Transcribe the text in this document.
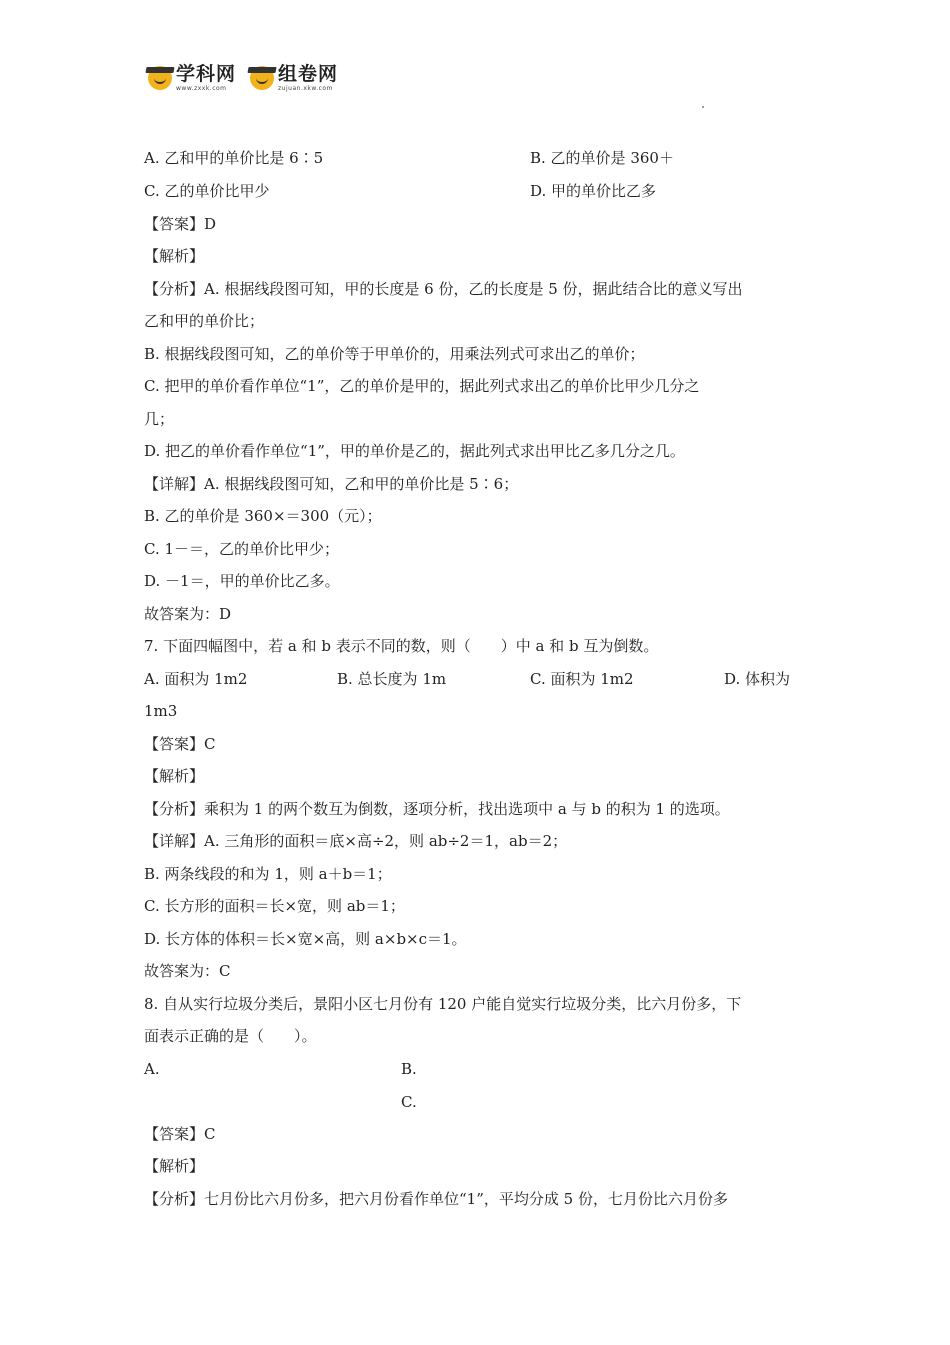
学科网
www.zxxk.com
组卷网
zujuan.xkw.com
A. 乙和甲的单价比是 6∶5	B. 乙的单价是 360＋
C. 乙的单价比甲少	D. 甲的单价比乙多
【答案】D
【解析】
【分析】A. 根据线段图可知，甲的长度是 6 份，乙的长度是 5 份，据此结合比的意义写出
乙和甲的单价比；
B. 根据线段图可知，乙的单价等于甲单价的，用乘法列式可求出乙的单价；
C. 把甲的单价看作单位“1”，乙的单价是甲的，据此列式求出乙的单价比甲少几分之
几；
D. 把乙的单价看作单位“1”，甲的单价是乙的，据此列式求出甲比乙多几分之几。
【详解】A. 根据线段图可知，乙和甲的单价比是 5∶6；
B. 乙的单价是 360×＝300（元）；
C. 1－＝，乙的单价比甲少；
D. －1＝，甲的单价比乙多。
故答案为：D
7. 下面四幅图中，若 a 和 b 表示不同的数，则（　　）中 a 和 b 互为倒数。
A. 面积为 1m2	B. 总长度为 1m	C. 面积为 1m2	D. 体积为
1m3
【答案】C
【解析】
【分析】乘积为 1 的两个数互为倒数，逐项分析，找出选项中 a 与 b 的积为 1 的选项。
【详解】A. 三角形的面积＝底×高÷2，则 ab÷2＝1，ab＝2；
B. 两条线段的和为 1，则 a＋b＝1；
C. 长方形的面积＝长×宽，则 ab＝1；
D. 长方体的体积＝长×宽×高，则 a×b×c＝1。
故答案为：C
8. 自从实行垃圾分类后，景阳小区七月份有 120 户能自觉实行垃圾分类，比六月份多，下
面表示正确的是（　　）。
A.	B.
C.
【答案】C
【解析】
【分析】七月份比六月份多，把六月份看作单位“1”，平均分成 5 份，七月份比六月份多
